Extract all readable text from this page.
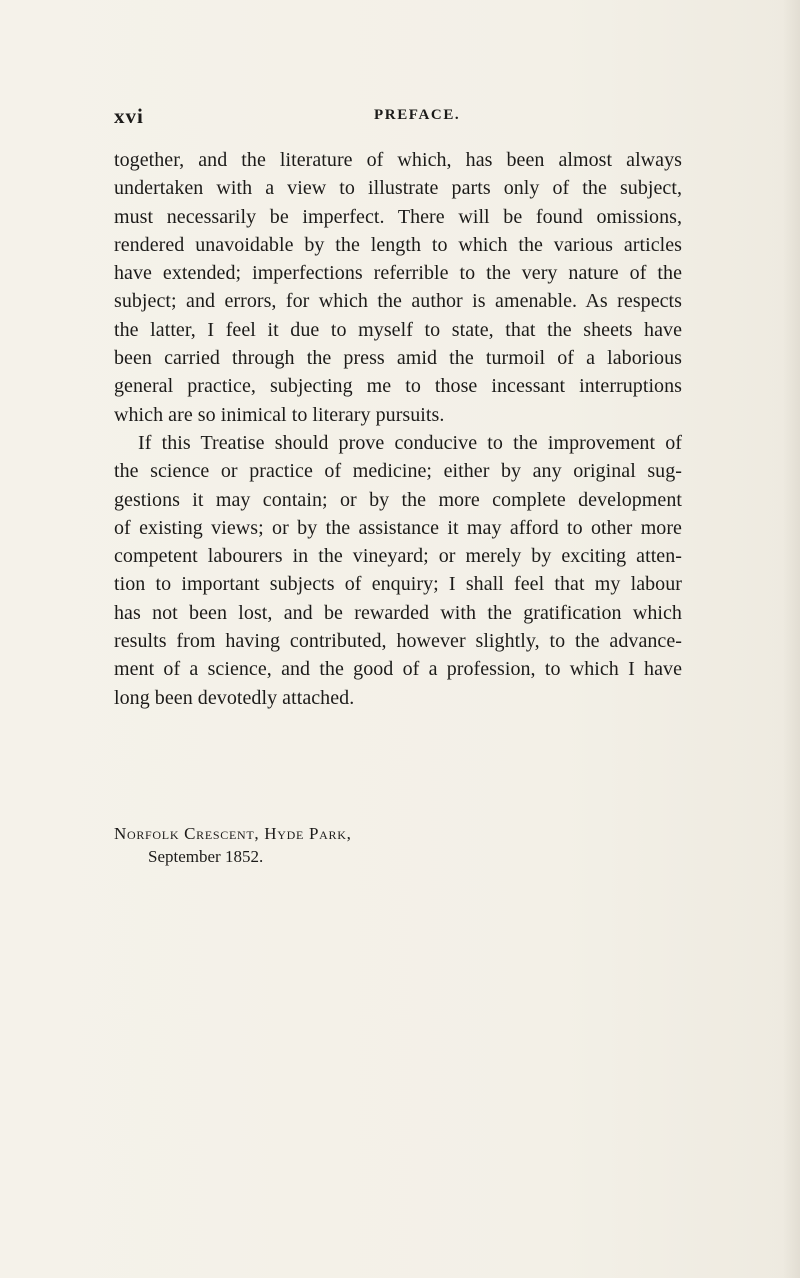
xvi	PREFACE.
together, and the literature of which, has been almost always
undertaken with a view to illustrate parts only of the subject,
must necessarily be imperfect. There will be found omissions,
rendered unavoidable by the length to which the various articles
have extended; imperfections referrible to the very nature of the
subject; and errors, for which the author is amenable. As respects
the latter, I feel it due to myself to state, that the sheets have
been carried through the press amid the turmoil of a laborious
general practice, subjecting me to those incessant interruptions
which are so inimical to literary pursuits.
If this Treatise should prove conducive to the improvement of
the science or practice of medicine; either by any original sug-
gestions it may contain; or by the more complete development
of existing views; or by the assistance it may afford to other more
competent labourers in the vineyard; or merely by exciting atten-
tion to important subjects of enquiry; I shall feel that my labour
has not been lost, and be rewarded with the gratification which
results from having contributed, however slightly, to the advance-
ment of a science, and the good of a profession, to which I have
long been devotedly attached.
Norfolk Crescent, Hyde Park,
September 1852.
